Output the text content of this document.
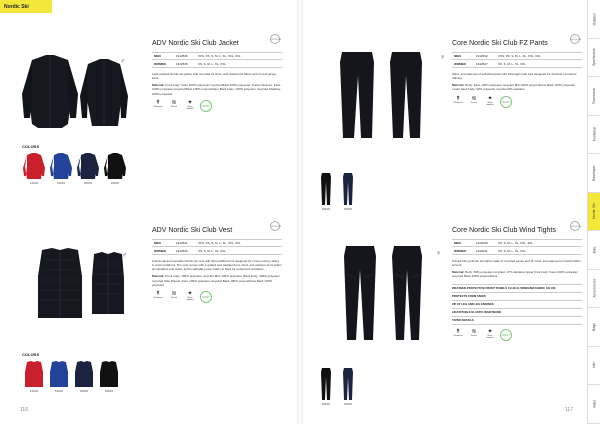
Nordic Ski
♂
ADV Nordic Ski Club Jacket
MEN	1912526	XXS, XS, S, M, L, XL, XXL, 3XL
WOMEN	1912525	XS, S, M, L, XL, XXL
Light padded Nordic ski jacket with recycled 2L wind- and waterproof fabric at front and jersey back.
Material: Front body: Face 100% polyester recycled Back 100% polyester. Frame Sleeves: Face 100% polyester recycled Back 100% polyurethane Back body: 100% polyester recycled Padding: 100% polyester
↟
Windproof
≋
Stretch
✦
Water repellent
SUST
OUTDOOR
COLORS
430000	346000	396000	999000
♀
Core Nordic Ski Club FZ Pants
MEN	1912532	XXS, XS, S, M, L, XL, XXL, 3XL
WOMEN	1912527	XS, S, M, L, XL, XXL
Wind- and waterproof softshell pants with full-length side zips designed for all kinds of outdoor training.
Material: Body: Face 100% polyester recycled Mid 100% polyurethane Back 100% polyester Lower back body: 92% polyester recycled 8% elastane
↟
Windproof
≋
Stretch
✦
Water repellent
SUST
OUTDOOR
999000	396000
♂
ADV Nordic Ski Club Vest
MEN	1912521	XXS, XS, S, M, L, XL, XXL, 3XL
WOMEN	1912526	XS, S, M, L, XL, XXL
Functional and versatile Nordic ski vest with light padded front designed for cross-country skiing in cold conditions. The vest comes with a quilted and padded front, wind- and waterproof 2L fabric at shoulders and sides, and breathable jersey fabric at back for enhanced ventilation.
Material: Front body: 100% polyester recycled Mid: 100% polyester. Back body: 100% polyester recycled Side Panels: Face 100% polyester recycled Back 100% polyurethane Back 100% polyester
↟
Windproof
≋
Stretch
✦
Water repellent
SUST
OUTDOOR
COLORS
430000	346000	396000	999000
♀
Core Nordic Ski Club Wind Tights
MEN	1913030	XS, S, M, L, XL, XXL, 3XL
WOMEN	1913031	XS, S, M, L, XL, XXL
Pulsed Firing Nordic ski tights made of recycled jersey and 2L wind- and waterproof stretch fabric at front.
Material: Body: 83% polyester recycled, 17% elastane Upper front body: Face 100% polyester recycled Back 100% polyurethane
WEATHER-PROTECTIVE FRONT PANELS CLUB 2L WINDAND FABRIC AN 10K
PROTECTS FROM SNOW
ZIP AT LEG AND LEG ENDINGS
ADJUSTABLE ELASTIC WAISTBAND
TAPED DETAILS
↟
Windproof
≋
Stretch
✦
Water repellent
SUST
OUTDOOR
999000	396000
116	117
Outdoor
Sportswear
Teamwear
Footwear
Baselayer
Nordic Ski
Bike
Accessories
Bags
Info
Index
